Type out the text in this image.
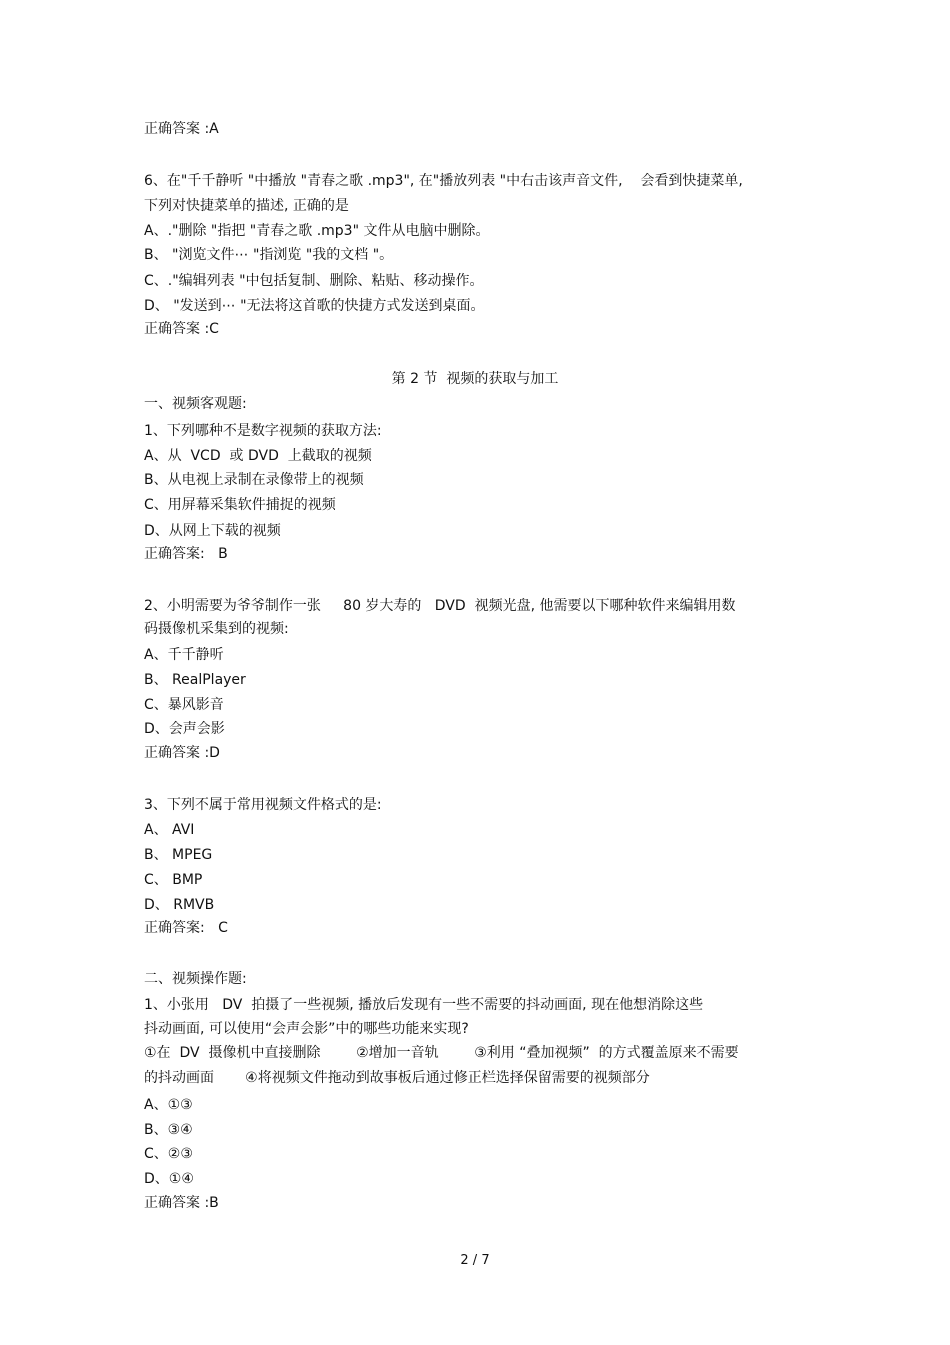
正确答案 :A
6、在"千千静听 "中播放 "青春之歌 .mp3", 在"播放列表 "中右击该声音文件,    会看到快捷菜单,
下列对快捷菜单的描述, 正确的是
A、."删除 "指把 "青春之歌 .mp3" 文件从电脑中删除。
B、 "浏览文件⋯ "指浏览 "我的文档 "。
C、."编辑列表 "中包括复制、删除、粘贴、移动操作。
D、 "发送到⋯ "无法将这首歌的快捷方式发送到桌面。
正确答案 :C
第 2 节  视频的获取与加工
一、视频客观题:
1、下列哪种不是数字视频的获取方法:
A、从  VCD  或 DVD  上截取的视频
B、从电视上录制在录像带上的视频
C、用屏幕采集软件捕捉的视频
D、从网上下载的视频
正确答案:   B
2、小明需要为爷爷制作一张     80 岁大寿的   DVD  视频光盘, 他需要以下哪种软件来编辑用数
码摄像机采集到的视频:
A、千千静听
B、 RealPlayer
C、暴风影音
D、会声会影
正确答案 :D
3、下列不属于常用视频文件格式的是:
A、 AVI
B、 MPEG
C、 BMP
D、 RMVB
正确答案:   C
二、视频操作题:
1、小张用   DV  拍摄了一些视频, 播放后发现有一些不需要的抖动画面, 现在他想消除这些
抖动画面, 可以使用“会声会影”中的哪些功能来实现?
①在  DV  摄像机中直接删除        ②增加一音轨        ③利用 “叠加视频”  的方式覆盖原来不需要
的抖动画面       ④将视频文件拖动到故事板后通过修正栏选择保留需要的视频部分
A、①③
B、③④
C、②③
D、①④
正确答案 :B
2 / 7
